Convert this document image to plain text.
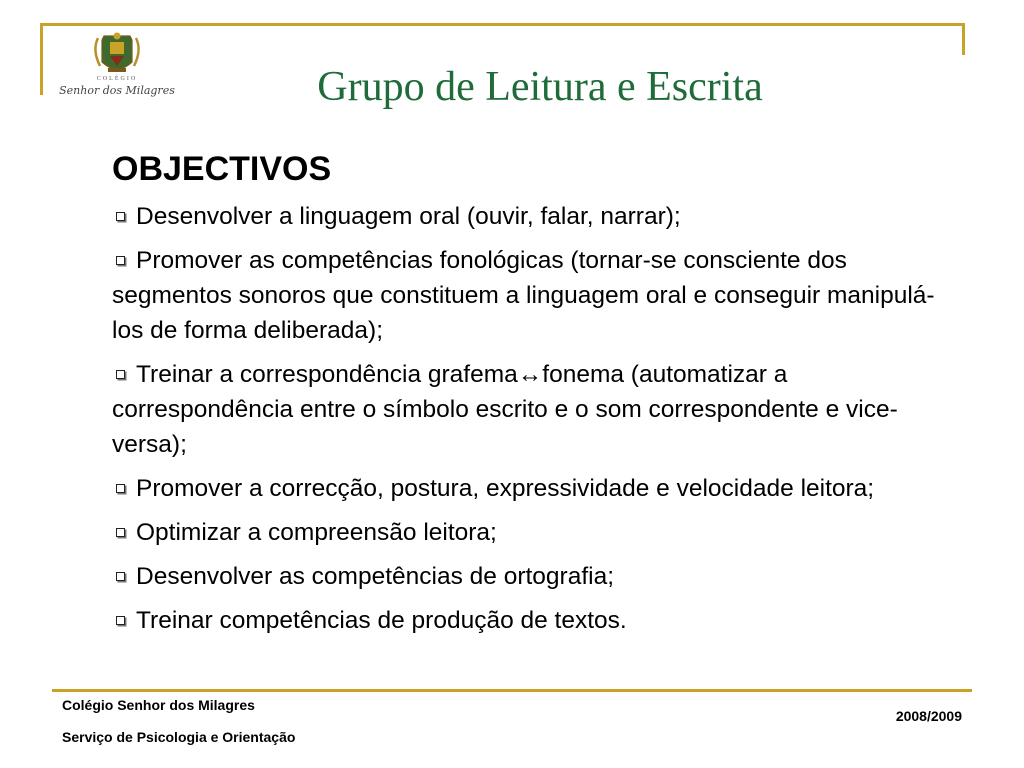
COLÉGIO
Senhor dos Milagres	Grupo de Leitura e Escrita
OBJECTIVOS
Desenvolver a linguagem oral (ouvir, falar, narrar);
Promover as competências fonológicas (tornar-se consciente dos segmentos sonoros que constituem a linguagem oral e conseguir manipulá-los de forma deliberada);
Treinar a correspondência grafema↔fonema (automatizar a correspondência entre o símbolo escrito e o som correspondente e vice-versa);
Promover a correcção, postura, expressividade e velocidade leitora;
Optimizar a compreensão leitora;
Desenvolver as competências de ortografia;
Treinar competências de produção de textos.
Colégio Senhor dos Milagres
Serviço de Psicologia e Orientação
2008/2009
